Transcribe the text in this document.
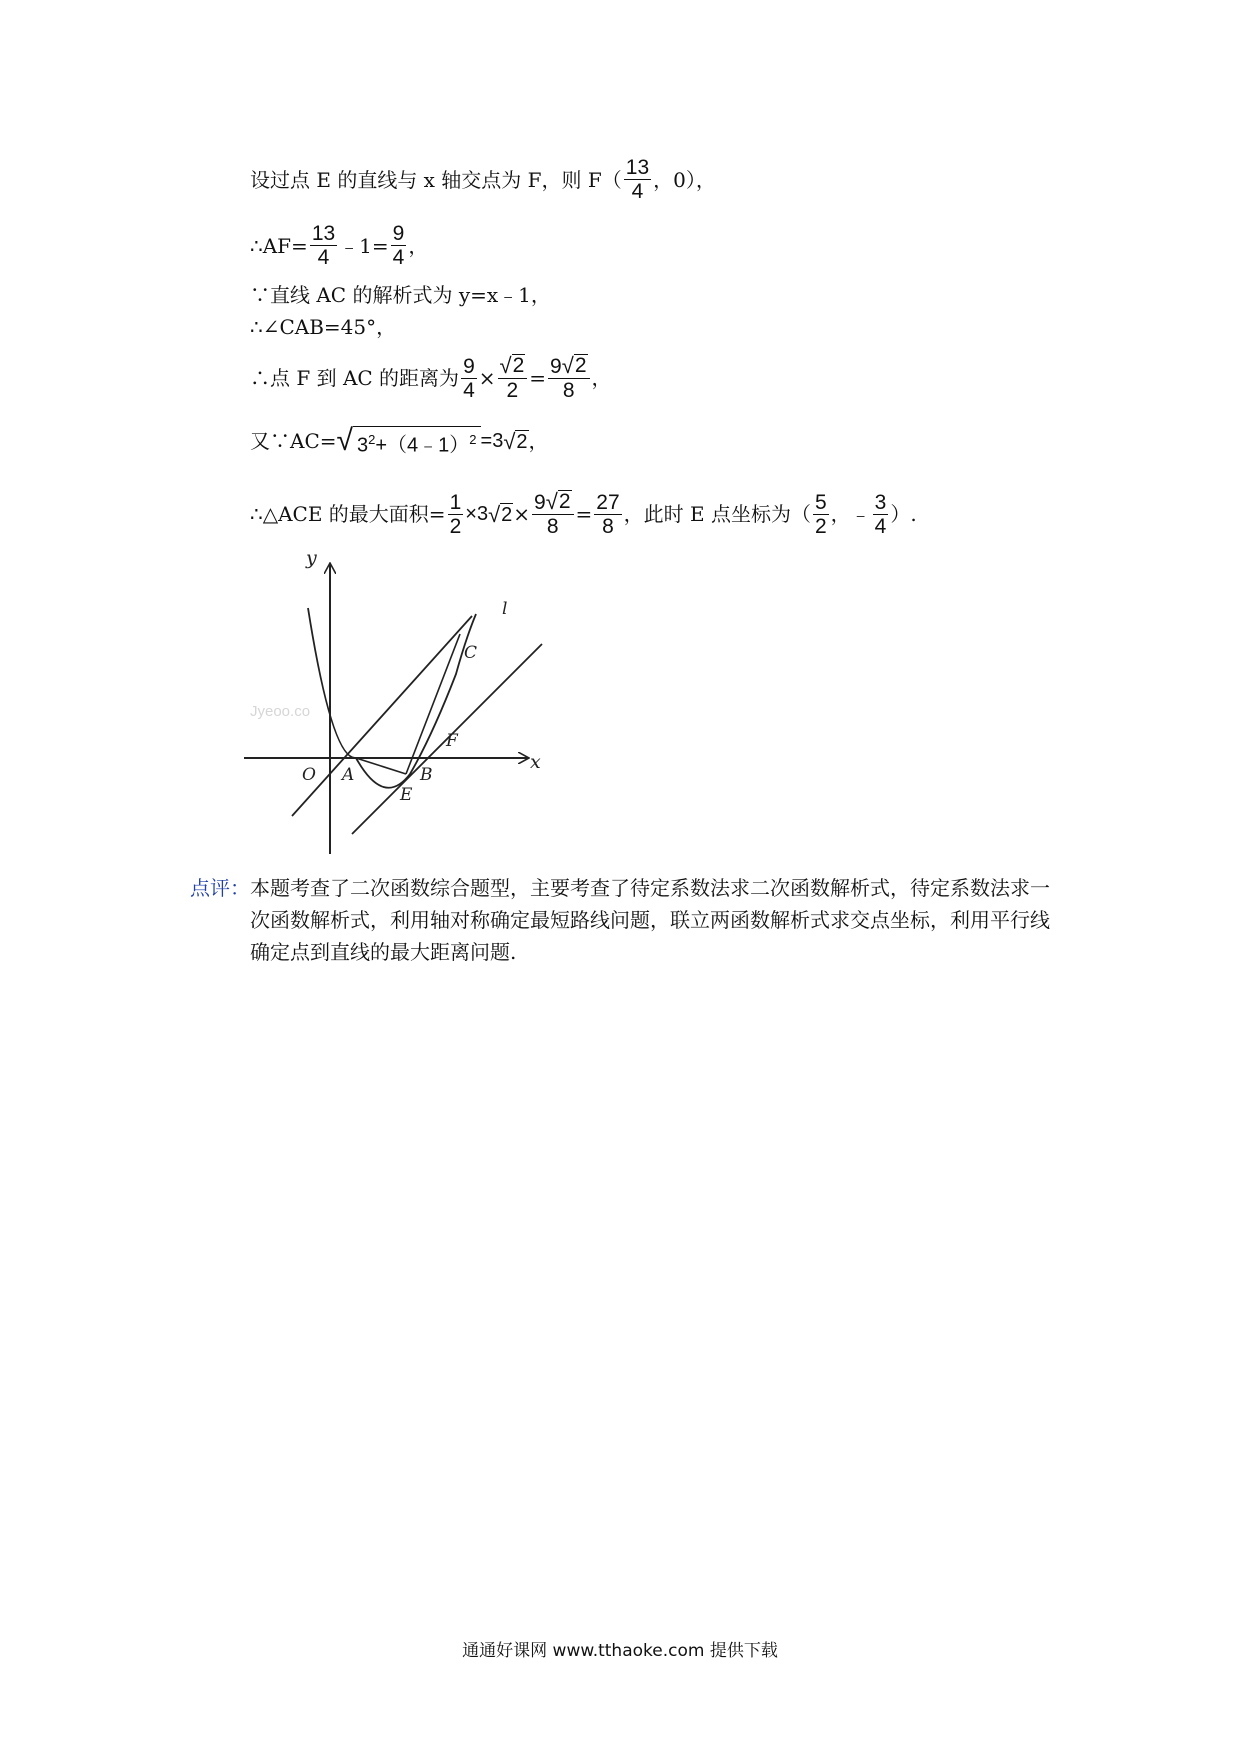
设过点 E 的直线与 x 轴交点为 F，则 $F( \frac{13}{4}$ ，0），
∴AF= $\frac{13}{4}$ ﹣1= $\frac{9}{4}$ ，
∵直线 AC 的解析式为 y=x﹣1，
∴∠CAB=45°，
∴点 F 到 AC 的距离为 $\frac{9}{4} \times \frac{√ 2}{2} = \frac{9 √ 2}{8}$ ，
又∵AC= √ $3^2+(4﹣1)^2 =3$ √ 2 ，
∴△ACE 的最大面积= $\frac{1}{2} \times 3$ √ $2 \times \frac{9 √ 2}{8} = \frac{27}{8}$ ，此时 E 点坐标为（ $\frac{5}{2}$ ，﹣ $\frac{3}{4}$ ）.
Jyeoo.co
y
x
O A	B
C
E
F
l
点评： 本题考查了二次函数综合题型，主要考查了待定系数法求二次函数解析式，待定系数法求一次函数解析式，利用轴对称确定最短路线问题，联立两函数解析式求交点坐标，利用平行线确定点到直线的最大距离问题.
通通好课网 www.tthaoke.com 提供下载
